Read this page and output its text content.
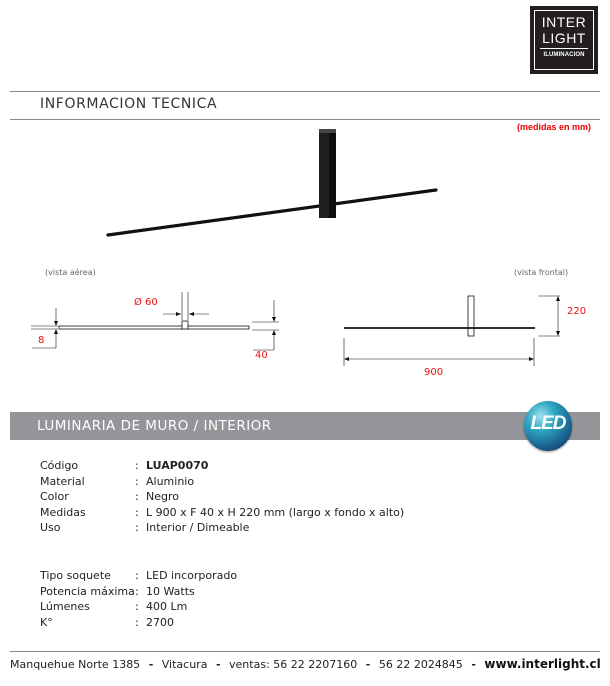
INTER
LIGHT
ILUMINACION
INFORMACION TECNICA
(medidas en mm)
(vista aérea)
Ø 60
8
40
(vista frontal)
220
900
LUMINARIA DE MURO / INTERIOR	LED
Código	: LUAP0070
Material	: Aluminio
Color	: Negro
Medidas	: L 900 x F 40 x H 220 mm (largo x fondo x alto)
Uso	: Interior / Dimeable
Tipo soquete : LED incorporado
Potencia máxima : 10 Watts
Lúmenes	: 400 Lm
K°	: 2700
Manquehue Norte 1385 - Vitacura - ventas: 56 22 2207160 - 56 22 2024845 - www.interlight.cl
